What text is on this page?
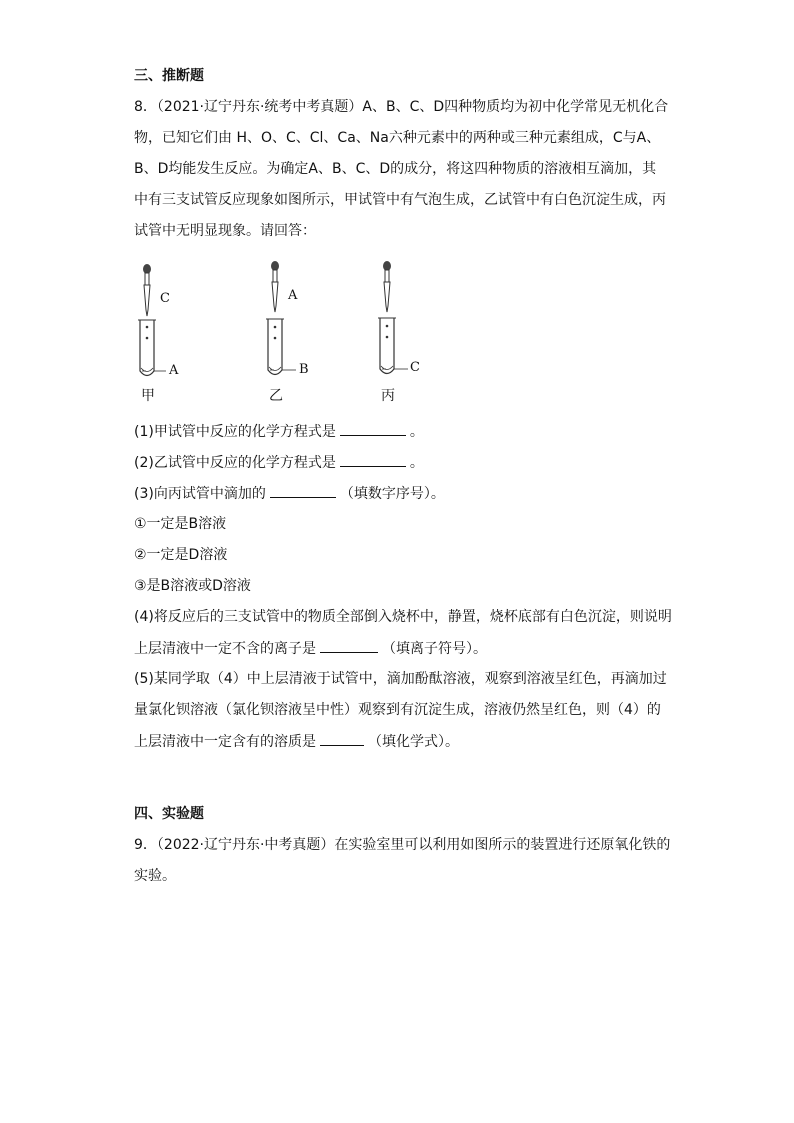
三、推断题
8．（2021·辽宁丹东·统考中考真题）A、B、C、D四种物质均为初中化学常见无机化合
物，已知它们由 H、O、C、Cl、Ca、Na六种元素中的两种或三种元素组成，C与A、
B、D均能发生反应。为确定A、B、C、D的成分，将这四种物质的溶液相互滴加，其
中有三支试管反应现象如图所示，甲试管中有气泡生成，乙试管中有白色沉淀生成，丙
试管中无明显现象。请回答：
C
A
甲
A
B
乙
C
丙
(1)甲试管中反应的化学方程式是	。
(2)乙试管中反应的化学方程式是	。
(3)向丙试管中滴加的	（填数字序号）。
①一定是B溶液
②一定是D溶液
③是B溶液或D溶液
(4)将反应后的三支试管中的物质全部倒入烧杯中，静置，烧杯底部有白色沉淀，则说明
上层清液中一定不含的离子是	（填离子符号）。
(5)某同学取（4）中上层清液于试管中，滴加酚酞溶液，观察到溶液呈红色，再滴加过
量氯化钡溶液（氯化钡溶液呈中性）观察到有沉淀生成，溶液仍然呈红色，则（4）的
上层清液中一定含有的溶质是	（填化学式）。
四、实验题
9．（2022·辽宁丹东·中考真题）在实验室里可以利用如图所示的装置进行还原氧化铁的
实验。
